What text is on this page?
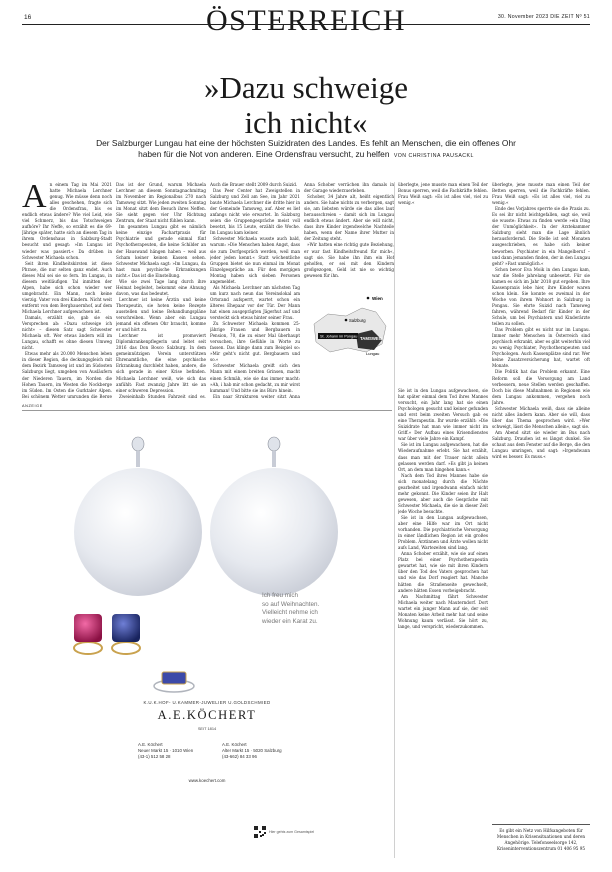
16	ÖSTERREICH	30. November 2023 DIE ZEIT Nº 51
»Dazu schweige
ich nicht«
Der Salzburger Lungau hat eine der höchsten Suizidraten des Landes. Es fehlt an Menschen, die ein offenes Ohr haben für die Not von anderen. Eine Ordensfrau versucht, zu helfen VON CHRISTINA PAUSACKL
A n einem Tag im Mai 2021 hatte Michaela Lerchner genug. Wie müsse denn noch alles geschehen, fragte sich die Ordensfrau, bis es endlich etwas ändere? Wie viel Leid, wie viel Schmerz, bis das Totschweigen aufhöre? Ihr Neffe, so erzählt es die 69-Jährige später, hatte sich an diesem Tag in ihrem Ordenshaus in Salzburg-Stadt besucht und gesagt: »Im Lungau ist wieder was passiert.« Da drüben in Schwester Michaela schon.

Seit ihren Kindheitskirsten ist diese Phrase, die nur selten ganz endet. Auch dieses Mal sei sie so fern. Im Lungau, in diesem weitläufigen Tal inmitten der Alpen, habe sich schon wieder wer umgebracht. Ein Mann, noch keine vierzig. Vater von drei Kindern. Nicht weit entfernt von dem Bergbauernhof, auf dem Michaela Lerchner aufgewachsen ist.

Damals, erzählt sie, gab sie ein Versprechen ab: »Dazu schweige ich nicht« – diesen Satz sagt Schwester Michaela oft. Wer etwas ändern will im Lungau, schafft es ohne diesen Umweg nicht.

Etwas mehr als 20.000 Menschen leben in dieser Region, die deckungsgleich mit dem Bezirk Tamsweg ist und im Südosten Salzburgs liegt, umgeben von Ausläufern der Niederen Tauern, im Norden die Hohen Tauern, im Westen die Nockberge im Süden. Im Osten die Gurktaler Alpen. Bei schönem Wetter umrunden die Berge

Das ist der Grund, warum Michaela Lerchner an diesem Sonntagnachmittag im November im Regionalbus 270 nach Tamsweg sitzt. Wie jeden zweiten Sonntag im Monat sitzt dem Besuch ihres Neffen. Sie sieht gegen vier Uhr Richtung Zentrum, der Staat nicht fühlen kann.

Im gesamten Lungau gibt es nämlich keine einzige Fachartpraxis für Psychiatrie und gerade einmal fünf Psychotherapeuten, die keine Schilder an der Hauswand hängen haben – weil aus Scham keiner keinen Kassen sehen. Schwester Michaela sagt: »Im Lungau, da hast man psychische Erkrankungen nicht.« Das ist die Einstellung.

Wie sie zwei Tage lang durch ihre Heimat begleitet, bekommt eine Ahnung davon, was das bedeutet.

Lerchner ist keine Ärztin und keine Therapeutin, sie hoten keine Rezepte ausstellen und keine Behandlungspläne verschreiben. Wenn aber ein Lungau jemand ein offenen Ohr braucht, komme er und hört zu.

Lerchner ist promoviert Diplomkrankenpflegerin und leitet seit 2016 das Don Bosco Salzburg. In dem gemeinnützigen Verein unterstützen Ehrenamtliche, die eine psychische Erkrankung durchlebt haben, andere, die sich gerade in einer Krise befinden. Michaela Lerchner weiß, wie sich das anfühlt: Fast zwanzig Jahre litt sie an einer schweren Depression.

Zweieinhalb Stunden Fahrzeit sind es,

Auch die Brauer stellt 2009 durch Suizid.

Das Peer Center hat Zweigstellen in Salzburg und Zell am See, im Jahr 2021 baute Michaela Lerchner die dritte hier in der Gemeinde Tamsweg, auf. Aber es lief anfangs nicht wie erwartet. In Salzburg seien die Gruppengespräche meist voll besetzt, bis 15 Leute, erzählt die Woche. Im Lungau kam keiner.

Schwester Michaela wusste auch bald, warum: »Die Menschen haben Angst, dass sie zum Dorfgespräch werden, weil man jeder jeden kennt.« Statt wöchentliche Gruppen bietet sie nun einmal im Monat Einzelgespräche an. Für den morgigen Montag haben sich sieben Personen angemeldet.

Als Michaela Lerchner am nächsten Tag um kurz nach neun das Vereinslokal am Ortsrand aufsperrt, wartet schon ein älteres Ehepaar vor der Tür. Der Mann hat einen ausgeprägten Jägerhut auf und versteckt sich etwas hinter seiner Frau.

Zu Schwester Michaela kommen 25-jährige Frauen und Bergbauern in Pension, 70, die zu einer Mal überhaupt versuchen, ihre Gefühle in Worte zu fassen. Das klinge dann zum Beispiel so: »Mir geht's nicht gut. Bergbauern und so.«

Schwester Michaela greift sich den Mann mit einem breiten Grinsen, macht einen Schmäh, wie sie das immer macht: »Ah, i hab mir schon gedacht, zu mir wirst kumman! Und bitte sie ins Büro hinein.

Ein paar Strukturen weiter sitzt Anna

Anna Schober verrächen ihn damals in der Garage wiederzuerleben.

Schober, 34 Jahre alt, heißt eigentlich anders. Sie habe nichts zu verbergen, sagt sie, am liebsten würde sie das alles laut herausschreien – damit sich im Lungau endlich etwas ändert. Aber sie will nicht, dass ihre Kinder irgendwelche Nachteile haben, wenn der Name ihrer Mutter in der Zeitung steht.

»Wir hatten eine richtig gute Beziehung, er war fast Kindheitsfreund für mich«, sagt sie. Sie habe ihn ihm ein Hof geholfen, er sei mit den Kindern großgezogen, Geld ist nie so wichtig gewesen für ihn.

Wien
Salzburg
St. Johann im Pongau TAMSWEG
Lungau

überlegte, jene musste man einen Teil der Bonus sperren, weil die Fachkräfte fehlen. Frau Weiß sagt: »Es ist alles viel, viel zu wenig.«

Sie ist in den Lungau aufgewachsen, sie hat später einmal dem Tod ihres Mannes versucht, ein Jahr lang hat sie einen Psychologen gesucht und keiner gefunden und erst beim zweiten Versuch gab es eine Therapeutin. Ihr wurde erzählt: »Die Suizidrate hat man wie immer nicht im Griff.« Der Aufbau eines Krisendienstes war über viele Jahre ein Kampf.

Sie ist im Lungau aufgewachsen, hat die Wiederaufnahme erlebt. Sie hat erzählt, dass man mit der Trauer nicht allein gelassen werden darf. »Es gibt ja keinen Ort, an dem man hingehen kann.«

Nach dem Tod ihres Mannes habe sie sich monatelang durch die Nächte gearbeitet und irgendwann einfach nicht mehr gekonnt. Die Kinder seien ihr Halt gewesen, aber auch die Gespräche mit Schwester Michaela, die sie in dieser Zeit jede Woche besuchte.

Sie ist in den Lungau aufgewachsen, aber eine Hilfe war im Ort nicht vorhanden. Die psychiatrische Versorgung in einer ländlichen Region ist ein großes Problem. Ärztinnen und Ärzte wollen nicht aufs Land, Wartezeiten sind lang.

Anna Schober erzählt, wie sie auf einen Platz bei einer Psychotherapeutin gewartet hat, wie sie mit ihren Kindern über den Tod des Vaters gesprochen hat und wie das Dorf reagiert hat. Manche hätten die Straßenseite gewechselt, andere hätten Essen vorbeigebracht.

Am Nachmittag fährt Schwester Michaela weiter nach Mauterndorf. Dort wartet ein junger Mann auf sie, der seit Monaten keine Arbeit mehr hat und seine Wohnung kaum verlässt. Sie hört zu, lange, und verspricht, wiederzukommen.

überlegte, jene musste man einen Teil der Betten sperren, weil die Fachkräfte fehlen. Frau Weiß sagt: »Es ist alles viel, viel zu wenig.«

Ende des Vorjahres sperrte sie die Praxis zu. Es sei ihr nicht leichtgefallen, sagt sie, weil sie wusste: Etwas zu finden werde »ein Ding der Unmöglichkeit«. In der Arztekammer Salzburg sieht man die Lage ähnlich herausfordernd. Die Stelle ist seit Monaten ausgeschrieben, es habe sich keiner beworben. Psychiater in ein Mangelberuf – und dann jemanden finden, der in den Lungau geht? »Fast unmöglich.«

Schon bevor Eva Moik in den Lungau kam, war die Stelle jahrelang unbesetzt. Für sie kamen es sich im Jahr 2018 gut ergeben. Ihre Kassenpraxis lebe hier, ihre Kinder waren schon klein. Sie konnte es zweimal in der Woche von ihrem Wohnort in Salzburg in Pongau. Sie ehrte Suizid nach Tamsweg fahren, während Bedarf für Kinder in der Schule, um bei Psychiatern und Kinderärzte teilen zu sollen.

Das Problem gibt es nicht nur im Lungau. Immer mehr Menschen in Österreich sind psychisch erkrankt, aber es gibt weiterhin viel zu wenig Psychiater, Psychotherapeuten und Psychologen. Auch Kassenplätze sind rar. Wer keine Zusatzversicherung hat, wartet oft Monate.

Die Politik hat das Problem erkannt. Eine Reform soll die Versorgung am Land verbessern, neue Stellen werden geschaffen. Doch bis diese Maßnahmen in Regionen wie dem Lungau ankommen, vergehen noch Jahre.

Schwester Michaela weiß, dass sie alleine nicht alles ändern kann. Aber sie will, dass über das Thema gesprochen wird. »Wer schweigt, lässt die Menschen allein«, sagt sie.

Am Abend sitzt sie wieder im Bus nach Salzburg. Draußen ist es längst dunkel. Sie schaut aus dem Fenster auf die Berge, die den Lungau umringen, und sagt: »Irgendwann wird es besser. Es muss.«

Es gibt ein Netz von Hilfsangeboten für Menschen in Krisensituationen und deren Angehörige. Telefonseelsorge 142, Kriseninterventionszentrum 01 406 95 95
ANZEIGE
Ich freu mich
so auf Weihnachten.
Vielleicht nehme ich
wieder ein Karat zu.
K.U.K.HOF- U.KAMMER-JUWELIER U.GOLDSCHMIED
A.E.KÖCHERT
SEIT 1814
A.E. Köchert
Neuer Markt 15 · 1010 Wien
(43-1) 512 58 28
A.E. Köchert
Alter Markt 15 · 5020 Salzburg
(43-662) 84 33 96
www.koechert.com
Hier gehts zum Gesamtspiel
